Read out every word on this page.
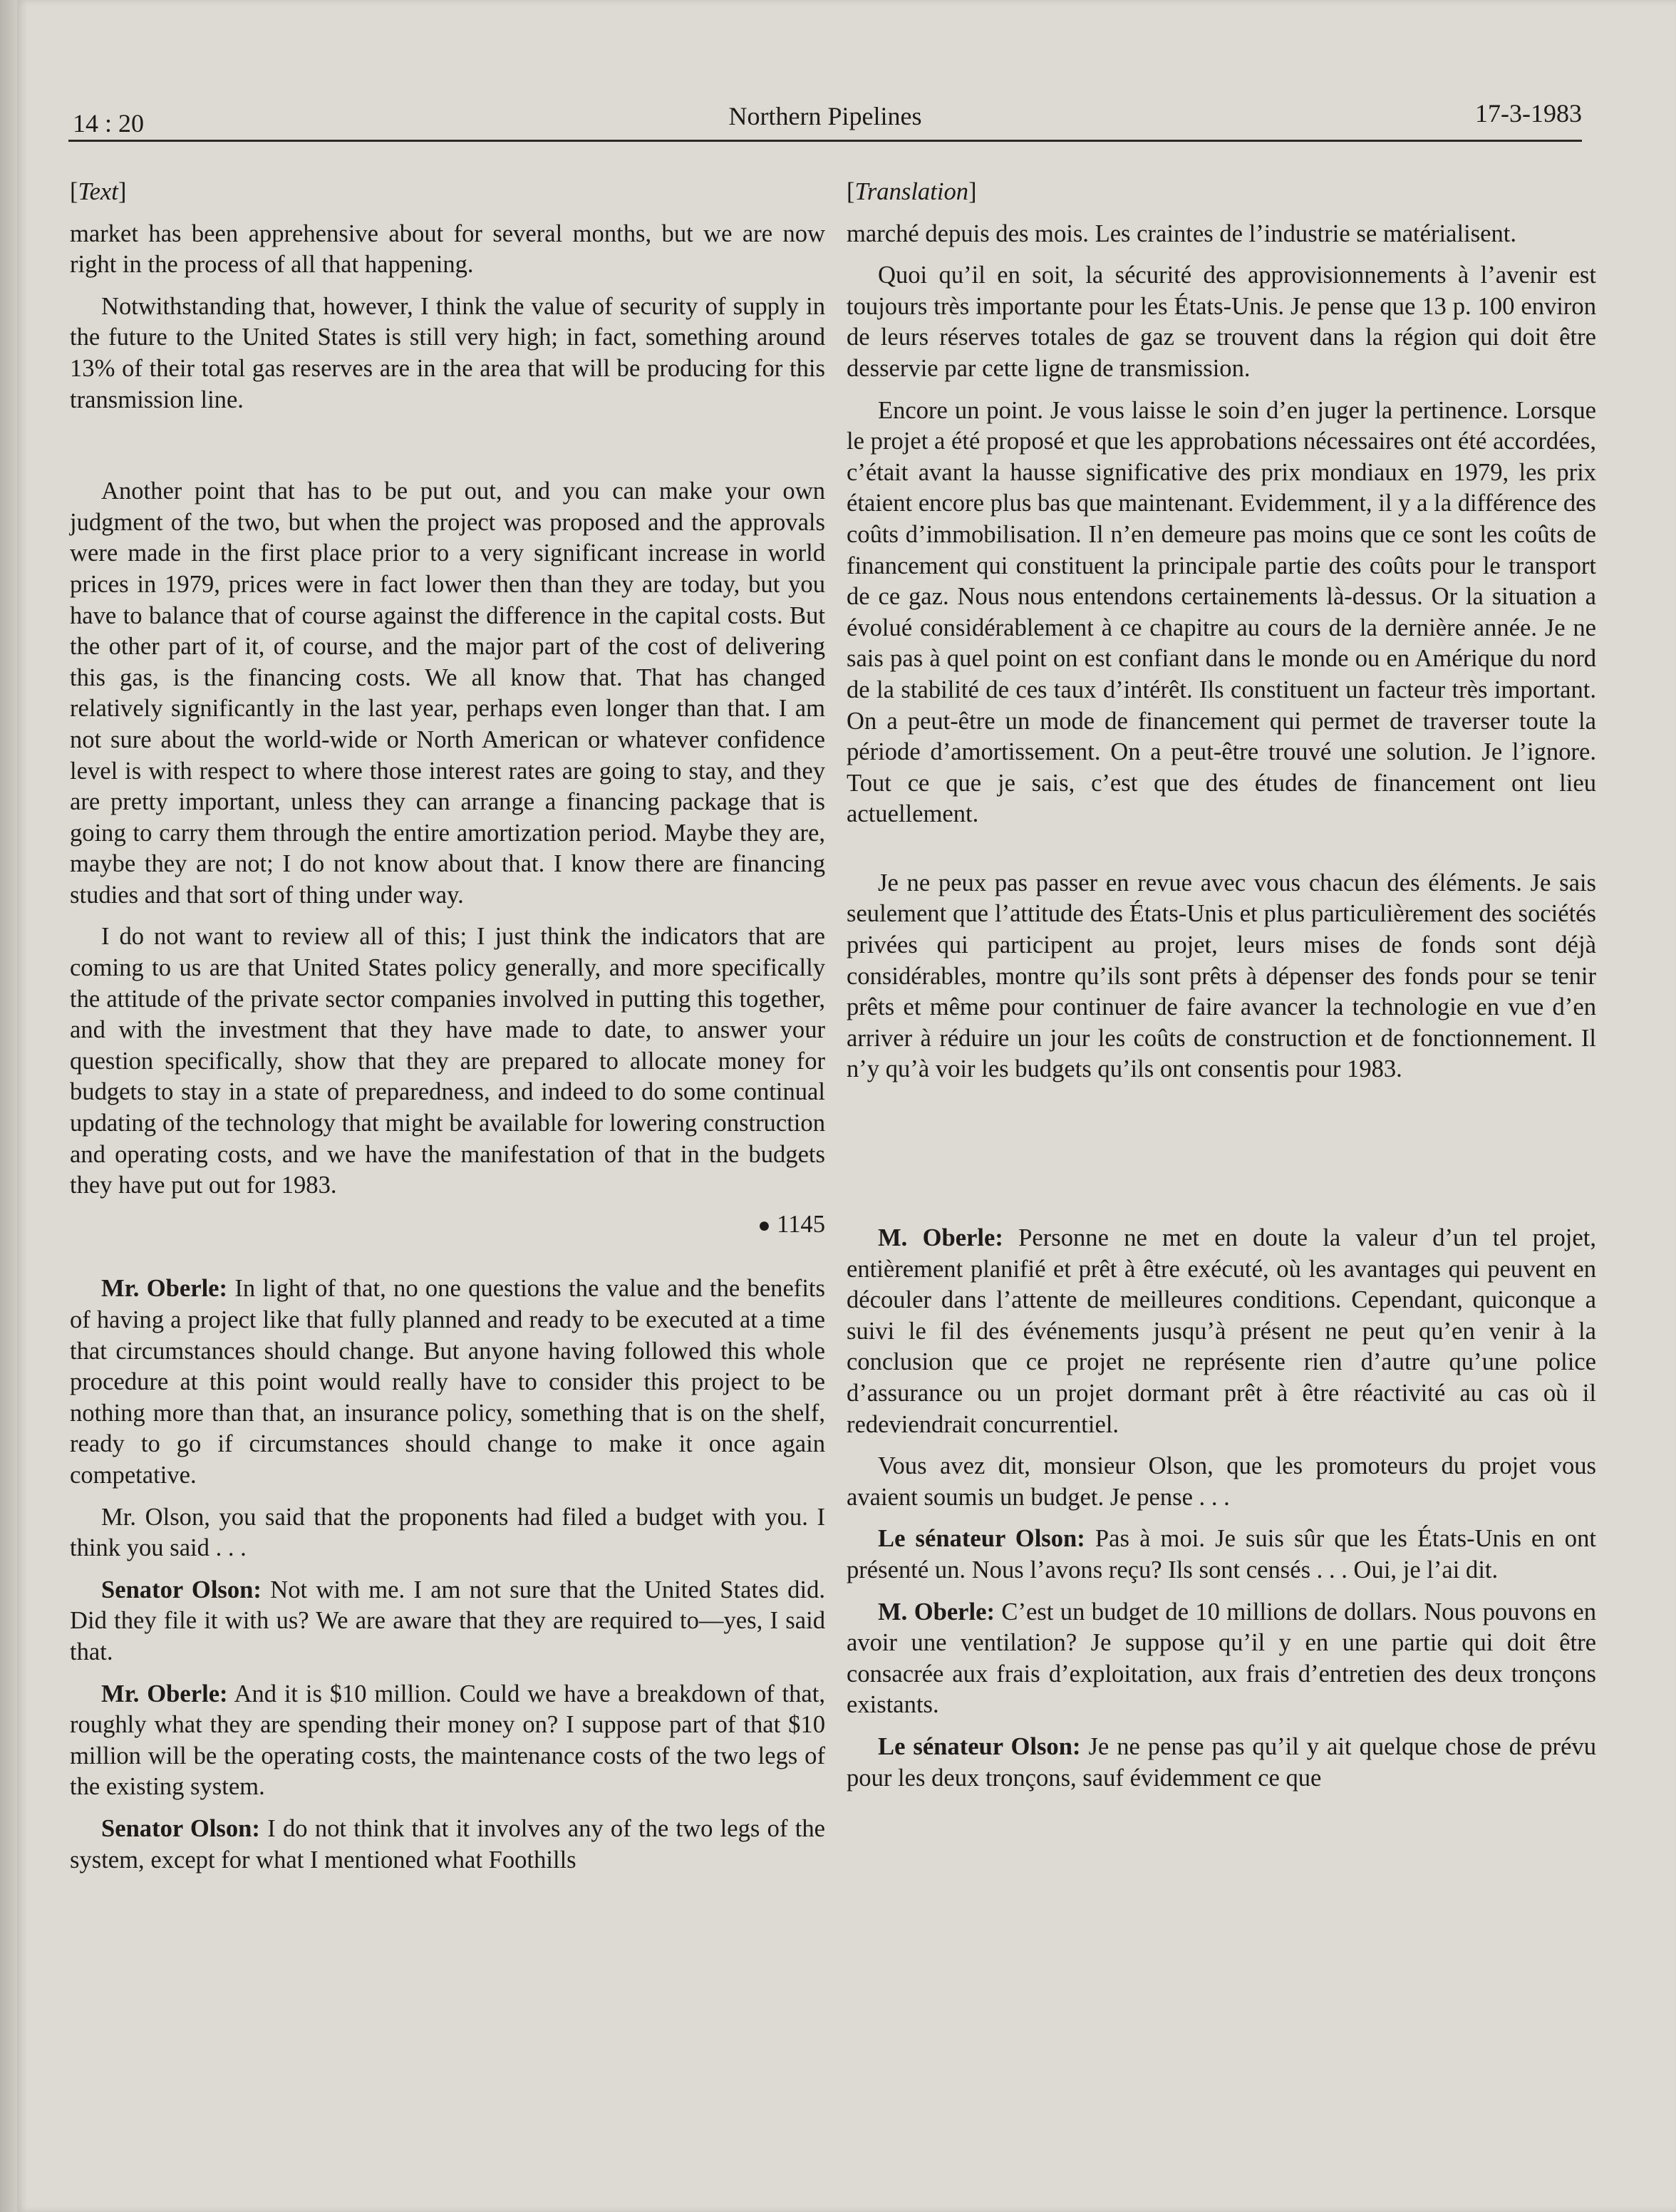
14 : 20	Northern Pipelines	17-3-1983

[Text]

market has been apprehensive about for several months, but we are now right in the process of all that happening.

Notwithstanding that, however, I think the value of security of supply in the future to the United States is still very high; in fact, something around 13% of their total gas reserves are in the area that will be producing for this transmission line.

Another point that has to be put out, and you can make your own judgment of the two, but when the project was proposed and the approvals were made in the first place prior to a very significant increase in world prices in 1979, prices were in fact lower then than they are today, but you have to balance that of course against the difference in the capital costs. But the other part of it, of course, and the major part of the cost of delivering this gas, is the financing costs. We all know that. That has changed relatively significantly in the last year, perhaps even longer than that. I am not sure about the world-wide or North American or whatever confidence level is with respect to where those interest rates are going to stay, and they are pretty important, unless they can arrange a financing package that is going to carry them through the entire amortization period. Maybe they are, maybe they are not; I do not know about that. I know there are financing studies and that sort of thing under way.

I do not want to review all of this; I just think the indicators that are coming to us are that United States policy generally, and more specifically the attitude of the private sector companies involved in putting this together, and with the investment that they have made to date, to answer your question specifically, show that they are prepared to allocate money for budgets to stay in a state of preparedness, and indeed to do some continual updating of the technology that might be available for lowering construction and operating costs, and we have the manifestation of that in the budgets they have put out for 1983.

● 1145

Mr. Oberle: In light of that, no one questions the value and the benefits of having a project like that fully planned and ready to be executed at a time that circumstances should change. But anyone having followed this whole procedure at this point would really have to consider this project to be nothing more than that, an insurance policy, something that is on the shelf, ready to go if circumstances should change to make it once again competative.

Mr. Olson, you said that the proponents had filed a budget with you. I think you said . . .

Senator Olson: Not with me. I am not sure that the United States did. Did they file it with us? We are aware that they are required to—yes, I said that.

Mr. Oberle: And it is $10 million. Could we have a breakdown of that, roughly what they are spending their money on? I suppose part of that $10 million will be the operating costs, the maintenance costs of the two legs of the existing system.

Senator Olson: I do not think that it involves any of the two legs of the system, except for what I mentioned what Foothills

[Translation]

marché depuis des mois. Les craintes de l’industrie se matérialisent.

Quoi qu’il en soit, la sécurité des approvisionnements à l’avenir est toujours très importante pour les États-Unis. Je pense que 13 p. 100 environ de leurs réserves totales de gaz se trouvent dans la région qui doit être desservie par cette ligne de transmission.

Encore un point. Je vous laisse le soin d’en juger la pertinence. Lorsque le projet a été proposé et que les approbations nécessaires ont été accordées, c’était avant la hausse significative des prix mondiaux en 1979, les prix étaient encore plus bas que maintenant. Evidemment, il y a la différence des coûts d’immobilisation. Il n’en demeure pas moins que ce sont les coûts de financement qui constituent la principale partie des coûts pour le transport de ce gaz. Nous nous entendons certainements là-dessus. Or la situation a évolué considérablement à ce chapitre au cours de la dernière année. Je ne sais pas à quel point on est confiant dans le monde ou en Amérique du nord de la stabilité de ces taux d’intérêt. Ils constituent un facteur très important. On a peut-être un mode de financement qui permet de traverser toute la période d’amortissement. On a peut-être trouvé une solution. Je l’ignore. Tout ce que je sais, c’est que des études de financement ont lieu actuellement.

Je ne peux pas passer en revue avec vous chacun des éléments. Je sais seulement que l’attitude des États-Unis et plus particulièrement des sociétés privées qui participent au projet, leurs mises de fonds sont déjà considérables, montre qu’ils sont prêts à dépenser des fonds pour se tenir prêts et même pour continuer de faire avancer la technologie en vue d’en arriver à réduire un jour les coûts de construction et de fonctionnement. Il n’y qu’à voir les budgets qu’ils ont consentis pour 1983.

M. Oberle: Personne ne met en doute la valeur d’un tel projet, entièrement planifié et prêt à être exécuté, où les avantages qui peuvent en découler dans l’attente de meilleures conditions. Cependant, quiconque a suivi le fil des événements jusqu’à présent ne peut qu’en venir à la conclusion que ce projet ne représente rien d’autre qu’une police d’assurance ou un projet dormant prêt à être réactivité au cas où il redeviendrait concurrentiel.

Vous avez dit, monsieur Olson, que les promoteurs du projet vous avaient soumis un budget. Je pense . . .

Le sénateur Olson: Pas à moi. Je suis sûr que les États-Unis en ont présenté un. Nous l’avons reçu? Ils sont censés . . . Oui, je l’ai dit.

M. Oberle: C’est un budget de 10 millions de dollars. Nous pouvons en avoir une ventilation? Je suppose qu’il y en une partie qui doit être consacrée aux frais d’exploitation, aux frais d’entretien des deux tronçons existants.

Le sénateur Olson: Je ne pense pas qu’il y ait quelque chose de prévu pour les deux tronçons, sauf évidemment ce que
